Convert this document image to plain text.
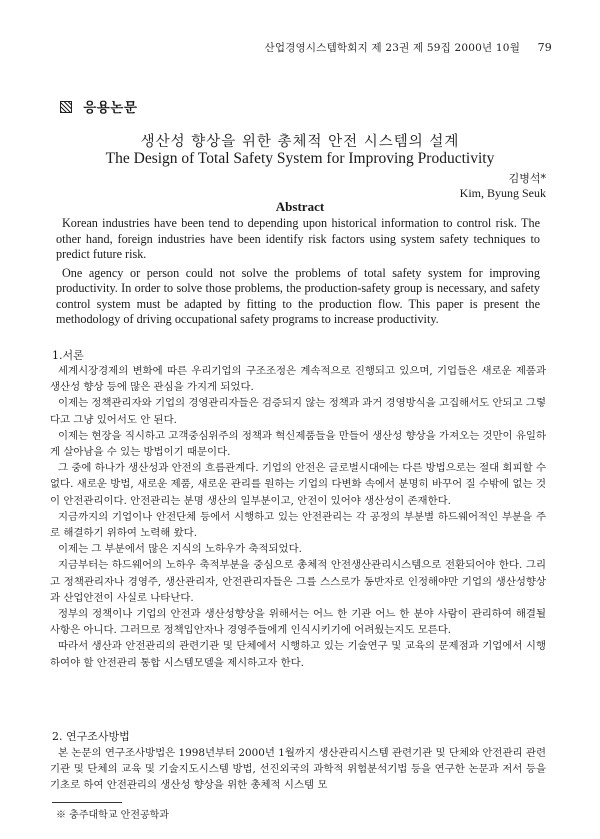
산업경영시스템학회지 제 23권 제 59집 2000년 10월 79
응용논문
생산성 향상을 위한 총체적 안전 시스템의 설계
The Design of Total Safety System for Improving Productivity
김병석*
Kim, Byung Seuk
Abstract

Korean industries have been tend to depending upon historical information to control risk. The other hand, foreign industries have been identify risk factors using system safety techniques to predict future risk.

One agency or person could not solve the problems of total safety system for improving productivity. In order to solve those problems, the production-safety group is necessary, and safety control system must be adapted by fitting to the production flow. This paper is present the methodology of driving occupational safety programs to increase productivity.

1.서론

세계시장경제의 변화에 따른 우리기업의 구조조정은 계속적으로 진행되고 있으며, 기업들은 새로운 제품과 생산성 향상 등에 많은 관심을 가지게 되었다.

이제는 정책관리자와 기업의 경영관리자들은 검증되지 않는 정책과 과거 경영방식을 고집해서도 안되고 그렇다고 그냥 있어서도 안 된다.

이제는 현장을 직시하고 고객중심위주의 정책과 혁신제품들을 만들어 생산성 향상을 가져오는 것만이 유일하게 살아남을 수 있는 방법이기 때문이다.

그 중에 하나가 생산성과 안전의 흐름관계다. 기업의 안전은 글로벌시대에는 다른 방법으로는 절대 회피할 수 없다. 새로운 방법, 새로운 제품, 새로운 관리를 원하는 기업의 다변화 속에서 분명히 바꾸어 질 수밖에 없는 것이 안전관리이다. 안전관리는 분명 생산의 일부분이고, 안전이 있어야 생산성이 존재한다.

지금까지의 기업이나 안전단체 등에서 시행하고 있는 안전관리는 각 공정의 부분별 하드웨어적인 부분을 주로 해결하기 위하여 노력해 왔다.

이제는 그 부분에서 많은 지식의 노하우가 축적되었다.

지금부터는 하드웨어의 노하우 축적부분을 중심으로 총체적 안전생산관리시스템으로 전환되어야 한다. 그리고 정책관리자나 경영주, 생산관리자, 안전관리자들은 그를 스스로가 동반자로 인정해야만 기업의 생산성향상과 산업안전이 사실로 나타난다.

정부의 정책이나 기업의 안전과 생산성향상을 위해서는 어느 한 기관 어느 한 분야 사람이 관리하여 해결될 사항은 아니다. 그러므로 정책입안자나 경영주들에게 인식시키기에 어려웠는지도 모른다.

따라서 생산과 안전관리의 관련기관 및 단체에서 시행하고 있는 기술연구 및 교육의 문제점과 기업에서 시행하여야 할 안전관리 통합 시스템모델을 제시하고자 한다.

2. 연구조사방법

본 논문의 연구조사방법은 1998년부터 2000년 1월까지 생산관리시스템 관련기관 및 단체와 안전관리 관련기관 및 단체의 교육 및 기술지도시스템 방법, 선진외국의 과학적 위험분석기법 등을 연구한 논문과 저서 등을 기초로 하여 안전관리의 생산성 향상을 위한 총체적 시스템 모

※ 충주대학교 안전공학과
